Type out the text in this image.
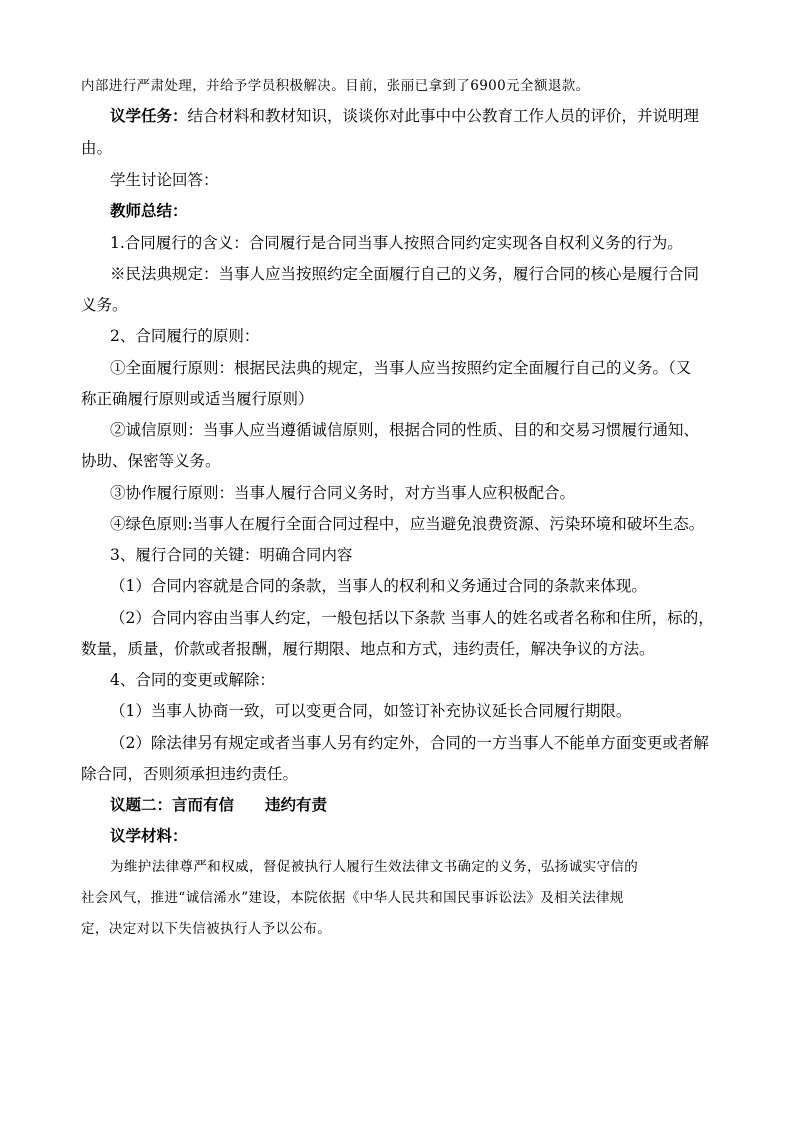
内部进行严肃处理，并给予学员积极解决。目前，张丽已拿到了6900元全额退款。
议学任务：结合材料和教材知识，谈谈你对此事中中公教育工作人员的评价，并说明理
由。
学生讨论回答：
教师总结：
1.合同履行的含义：合同履行是合同当事人按照合同约定实现各自权利义务的行为。
※民法典规定：当事人应当按照约定全面履行自己的义务，履行合同的核心是履行合同
义务。
2、合同履行的原则：
①全面履行原则：根据民法典的规定，当事人应当按照约定全面履行自己的义务。（又
称正确履行原则或适当履行原则）
②诚信原则：当事人应当遵循诚信原则，根据合同的性质、目的和交易习惯履行通知、
协助、保密等义务。
③协作履行原则：当事人履行合同义务时，对方当事人应积极配合。
④绿色原则:当事人在履行全面合同过程中，应当避免浪费资源、污染环境和破坏生态。
3、履行合同的关键：明确合同内容
（1）合同内容就是合同的条款，当事人的权利和义务通过合同的条款来体现。
（2）合同内容由当事人约定，一般包括以下条款 当事人的姓名或者名称和住所，标的，
数量，质量，价款或者报酬，履行期限、地点和方式，违约责任，解决争议的方法。
4、合同的变更或解除：
（1）当事人协商一致，可以变更合同，如签订补充协议延长合同履行期限。
（2）除法律另有规定或者当事人另有约定外，合同的一方当事人不能单方面变更或者解
除合同，否则须承担违约责任。
议题二：言而有信　　违约有责
议学材料：
为维护法律尊严和权威，督促被执行人履行生效法律文书确定的义务，弘扬诚实守信的
社会风气，推进“诚信浠水”建设，本院依据《中华人民共和国民事诉讼法》及相关法律规
定，决定对以下失信被执行人予以公布。
